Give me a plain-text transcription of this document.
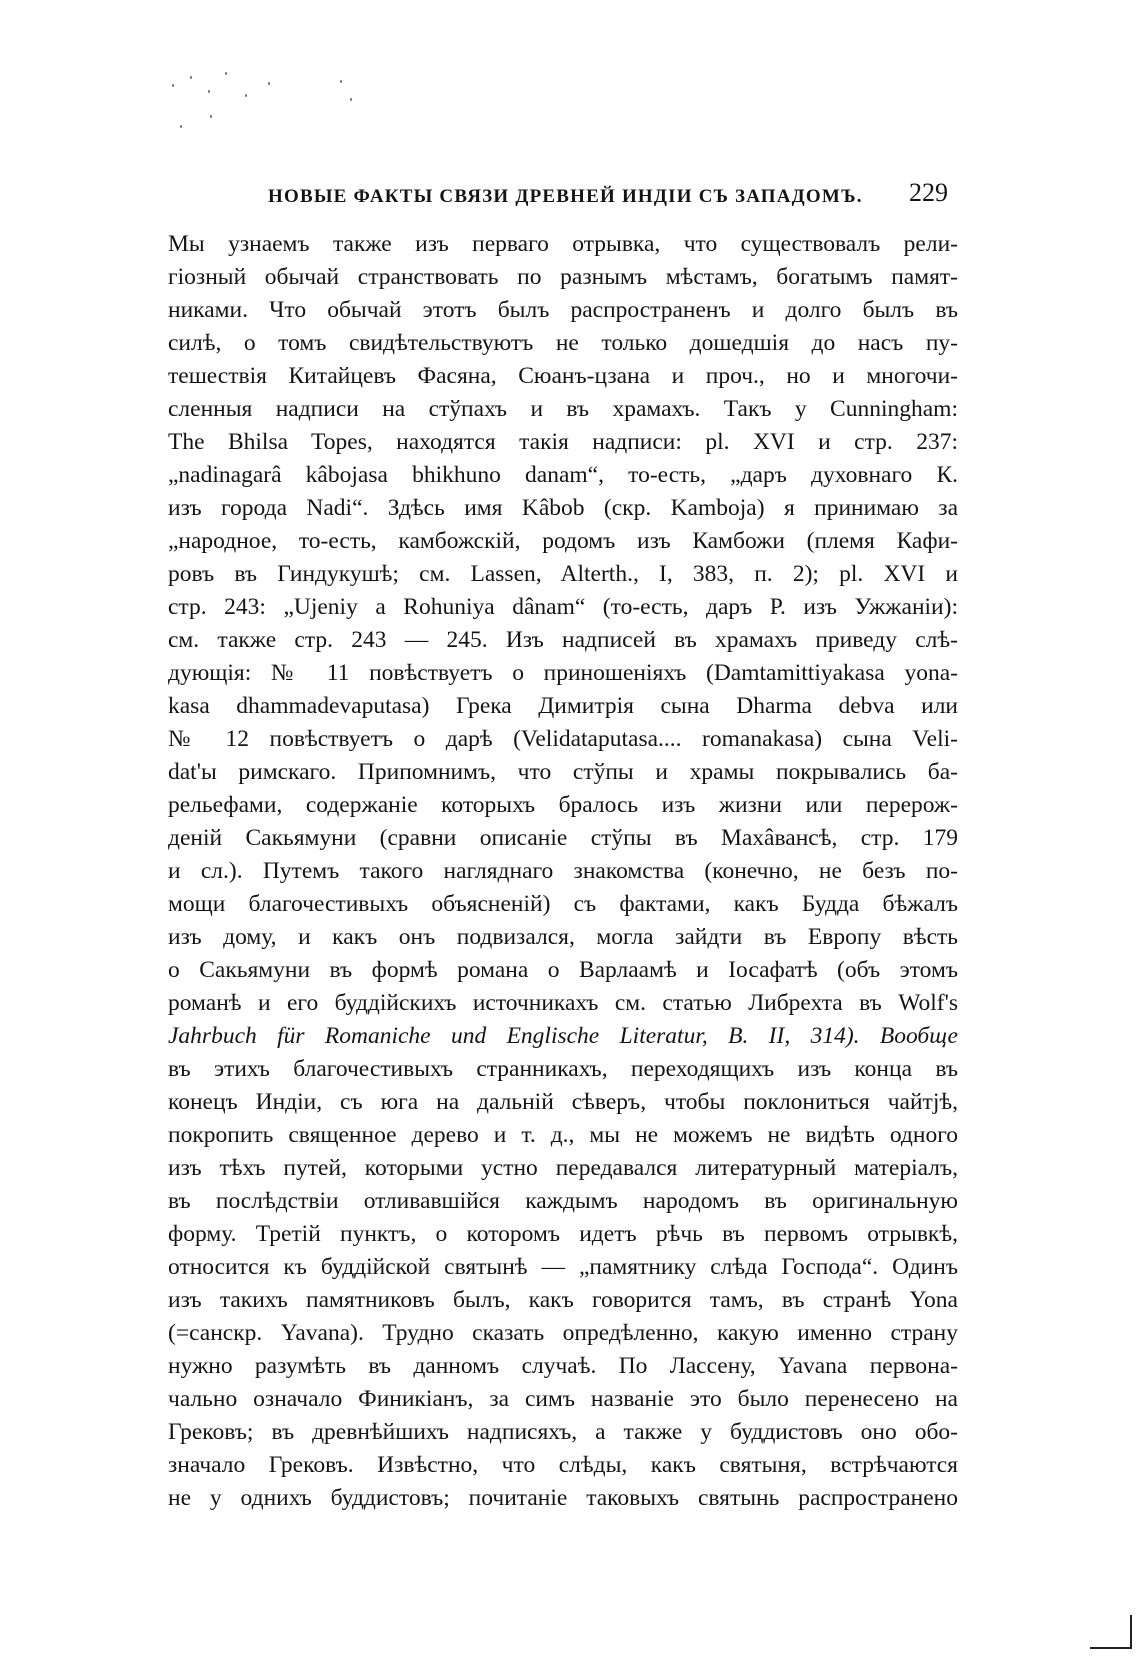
НОВЫЕ ФАКТЫ СВЯЗИ ДРЕВНЕЙ ИНДІИ СЪ ЗАПАДОМЪ. 229
Мы узнаемъ также изъ перваго отрывка, что существовалъ рели-
гіозный обычай странствовать по разнымъ мѣстамъ, богатымъ памят-
никами. Что обычай этотъ былъ распространенъ и долго былъ въ
силѣ, о томъ свидѣтельствуютъ не только дошедшія до насъ пу-
тешествія Китайцевъ Фасяна, Сюанъ-цзана и проч., но и многочи-
сленныя надписи на стўпахъ и въ храмахъ. Такъ у Cunningham:
The Bhilsa Topes, находятся такія надписи: pl. XVI и стр. 237:
„nadinagarâ kâbojasa bhikhuno danam“, то-есть, „даръ духовнаго К.
изъ города Nadi“. Здѣсь имя Kâbob (скр. Kamboja) я принимаю за
„народное, то-есть, камбожскій, родомъ изъ Камбожи (племя Кафи-
ровъ въ Гиндукушѣ; см. Lassen, Alterth., I, 383, п. 2); pl. XVI и
стр. 243: „Ujeniy a Rohuniya dânam“ (то-есть, даръ Р. изъ Ужжаніи):
см. также стр. 243 — 245. Изъ надписей въ храмахъ приведу слѣ-
дующія: № 11 повѣствуетъ о приношеніяхъ (Damtamittiyakasa yona-
kasa dhammadevaputasa) Грека Димитрія сына Dharma debva или
№ 12 повѣствуетъ о дарѣ (Velidataputasa.... romanakasa) сына Veli-
dat'ы римскаго. Припомнимъ, что стўпы и храмы покрывались ба-
рельефами, содержаніе которыхъ бралось изъ жизни или перерож-
деній Сакьямуни (сравни описаніе стўпы въ Махâвансѣ, стр. 179
и сл.). Путемъ такого нагляднаго знакомства (конечно, не безъ по-
мощи благочестивыхъ объясненій) съ фактами, какъ Будда бѣжалъ
изъ дому, и какъ онъ подвизался, могла зайдти въ Европу вѣсть
о Сакьямуни въ формѣ романа о Варлаамѣ и Іосафатѣ (объ этомъ
романѣ и его буддійскихъ источникахъ см. статью Либрехта въ Wolf's
Jahrbuch für Romaniche und Englische Literatur, B. II, 314). Вообще
въ этихъ благочестивыхъ странникахъ, переходящихъ изъ конца въ
конецъ Индіи, съ юга на дальній сѣверъ, чтобы поклониться чайтјѣ,
покропить священное дерево и т. д., мы не можемъ не видѣть одного
изъ тѣхъ путей, которыми устно передавался литературный матеріалъ,
въ послѣдствіи отливавшійся каждымъ народомъ въ оригинальную
форму. Третій пунктъ, о которомъ идетъ рѣчь въ первомъ отрывкѣ,
относится къ буддійской святынѣ — „памятнику слѣда Господа“. Одинъ
изъ такихъ памятниковъ былъ, какъ говорится тамъ, въ странѣ Yona
(=санскр. Yavana). Трудно сказать опредѣленно, какую именно страну
нужно разумѣть въ данномъ случаѣ. По Лассену, Yavana первона-
чально означало Финикіанъ, за симъ названіе это было перенесено на
Грековъ; въ древнѣйшихъ надписяхъ, а также у буддистовъ оно обо-
значало Грековъ. Извѣстно, что слѣды, какъ святыня, встрѣчаются
не у однихъ буддистовъ; почитаніе таковыхъ святынь распространено
